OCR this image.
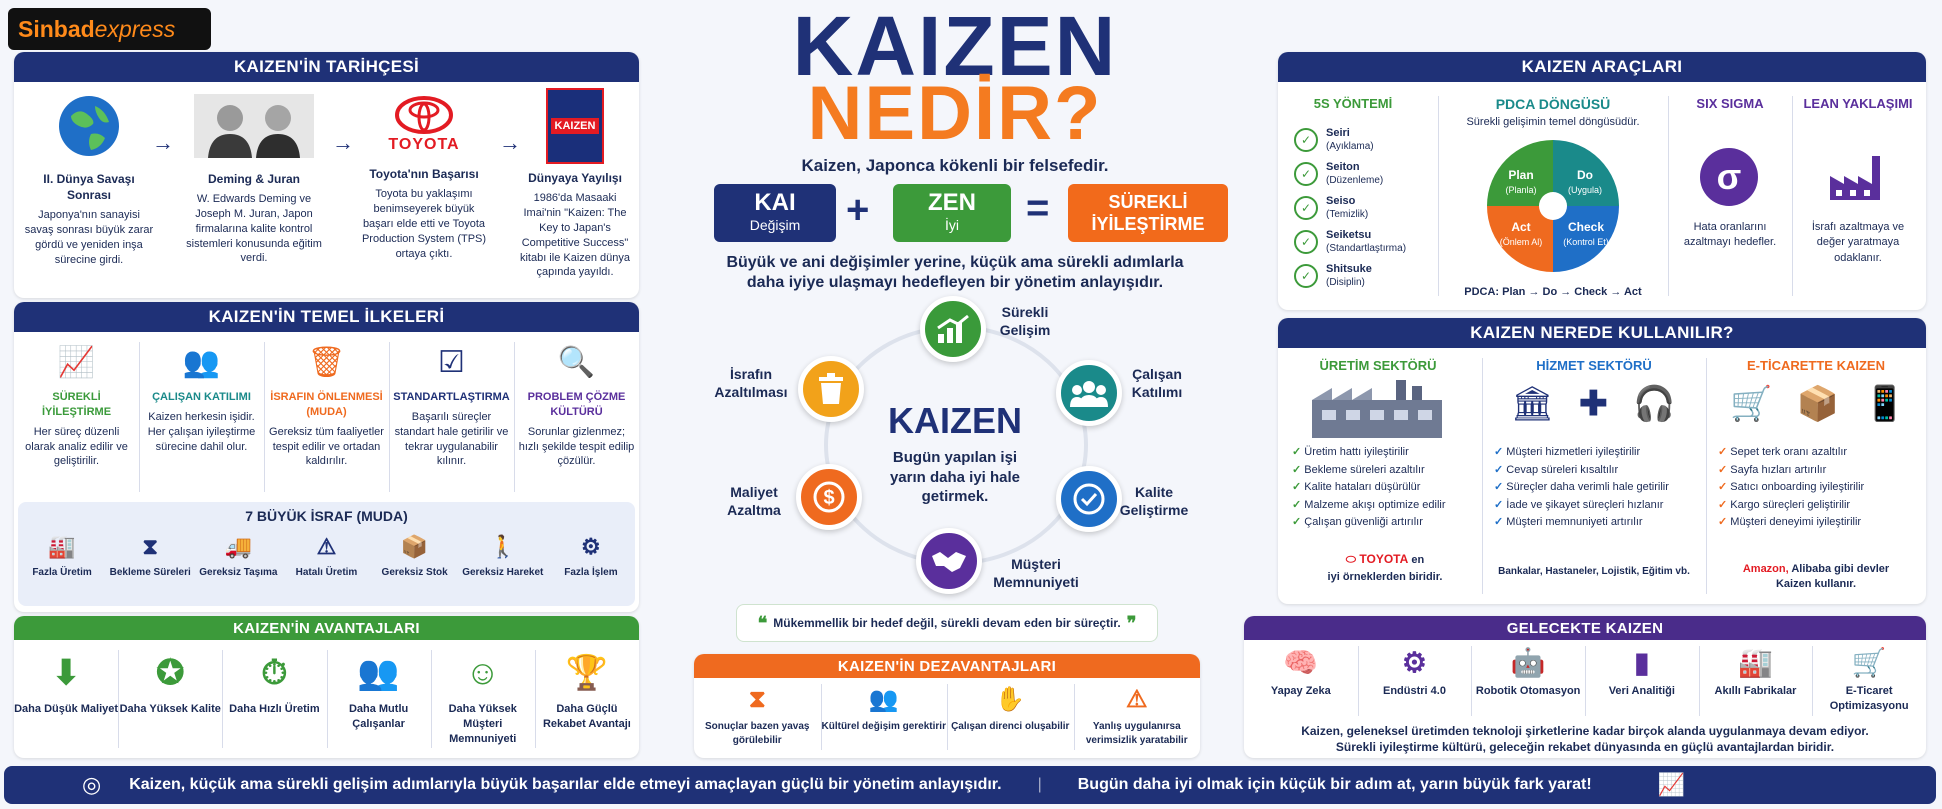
Sinbad express
KAIZEN'İN TARİHÇESİ
II. Dünya Savaşı Sonrası
Japonya'nın sanayisi savaş sonrası büyük zarar gördü ve yeniden inşa sürecine girdi.
→
Deming & Juran
W. Edwards Deming ve Joseph M. Juran, Japon firmalarına kalite kontrol sistemleri konusunda eğitim verdi.
→ TOYOTA
Toyota'nın Başarısı
Toyota bu yaklaşımı benimseyerek büyük başarı elde etti ve Toyota Production System (TPS) ortaya çıktı.
→
KAIZEN
Dünyaya Yayılışı
1986'da Masaaki Imai'nin "Kaizen: The Key to Japan's Competitive Success" kitabı ile Kaizen dünya çapında yayıldı.
KAIZEN'İN TEMEL İLKELERİ
📈
SÜREKLİ İYİLEŞTİRME
Her süreç düzenli olarak analiz edilir ve geliştirilir.
👥
ÇALIŞAN KATILIMI
Kaizen herkesin işidir. Her çalışan iyileştirme sürecine dahil olur.
🗑
İSRAFIN ÖNLENMESİ (MUDA)
Gereksiz tüm faaliyetler tespit edilir ve ortadan kaldırılır.
☑
STANDARTLAŞTIRMA
Başarılı süreçler standart hale getirilir ve tekrar uygulanabilir kılınır.
🔍
PROBLEM ÇÖZME KÜLTÜRÜ
Sorunlar gizlenmez; hızlı şekilde tespit edilip çözülür.
7 BÜYÜK İSRAF (MUDA)
🏭
Fazla Üretim
⧗
Bekleme Süreleri
🚚
Gereksiz Taşıma
⚠
Hatalı Üretim
📦
Gereksiz Stok
🚶
Gereksiz Hareket
⚙
Fazla İşlem
KAIZEN'İN AVANTAJLARI
⬇
Daha Düşük Maliyet
✪
Daha Yüksek Kalite
⏱
Daha Hızlı Üretim
👥
Daha Mutlu Çalışanlar
☺
Daha Yüksek Müşteri Memnuniyeti
🏆
Daha Güçlü Rekabet Avantajı
KAIZEN
NEDİR?
Kaizen, Japonca kökenli bir felsefedir.
KAI
Değişim	+	ZEN
İyi	=	SÜREKLİ İYİLEŞTİRME
Büyük ve ani değişimler yerine, küçük ama sürekli adımlarla
daha iyiye ulaşmayı hedefleyen bir yönetim anlayışıdır.
KAIZEN
Bugün yapılan işi yarın daha iyi hale getirmek.
Sürekli Gelişim
Çalışan Katılımı
Kalite Geliştirme
Müşteri Memnuniyeti
$
Maliyet Azaltma
İsrafın Azaltılması
❝ Mükemmellik bir hedef değil, sürekli devam eden bir süreçtir. ❞
KAIZEN'İN DEZAVANTAJLARI
⧗
Sonuçlar bazen yavaş görülebilir
👥
Kültürel değişim gerektirir
✋
Çalışan direnci oluşabilir
⚠
Yanlış uygulanırsa verimsizlik yaratabilir
KAIZEN ARAÇLARI
5S YÖNTEMİ
✓	Seiri
(Ayıklama)
✓	Seiton
(Düzenleme)
✓	Seiso
(Temizlik)
✓	Seiketsu
(Standartlaştırma)
✓	Shitsuke
(Disiplin)
PDCA DÖNGÜSÜ
Sürekli gelişimin temel döngüsüdür.
Plan
(Planla)
Do
(Uygula)
Act
(Önlem Al)
Check
(Kontrol Et)
PDCA: Plan → Do → Check → Act
SIX SIGMA
σ
Hata oranlarını azaltmayı hedefler.
LEAN YAKLAŞIMI
İsrafı azaltmaya ve değer yaratmaya odaklanır.
KAIZEN NEREDE KULLANILIR?
ÜRETİM SEKTÖRÜ
✓ Üretim hattı iyileştirilir
✓ Bekleme süreleri azaltılır
✓ Kalite hataları düşürülür
✓ Malzeme akışı optimize edilir
✓ Çalışan güvenliği artırılır
⬭ TOYOTA en
iyi örneklerden biridir.
HİZMET SEKTÖRÜ
🏛 ✚ 🎧
✓ Müşteri hizmetleri iyileştirilir
✓ Cevap süreleri kısaltılır
✓ Süreçler daha verimli hale getirilir
✓ İade ve şikayet süreçleri hızlanır
✓ Müşteri memnuniyeti artırılır
Bankalar, Hastaneler, Lojistik, Eğitim vb.
E-TİCARETTE KAIZEN
🛒 📦 📱
✓ Sepet terk oranı azaltılır
✓ Sayfa hızları artırılır
✓ Satıcı onboarding iyileştirilir
✓ Kargo süreçleri geliştirilir
✓ Müşteri deneyimi iyileştirilir
Amazon, Alibaba gibi devler
Kaizen kullanır.
GELECEKTE KAIZEN
🧠
Yapay Zeka
⚙
Endüstri 4.0
🤖
Robotik Otomasyon
▮
Veri Analitiği
🏭
Akıllı Fabrikalar
🛒
E-Ticaret Optimizasyonu
Kaizen, geleneksel üretimden teknoloji şirketlerine kadar birçok alanda uygulanmaya devam ediyor.
Sürekli iyileştirme kültürü, geleceğin rekabet dünyasında en güçlü avantajlardan biridir.
◎ Kaizen, küçük ama sürekli gelişim adımlarıyla büyük başarılar elde etmeyi amaçlayan güçlü bir yönetim anlayışıdır. | Bugün daha iyi olmak için küçük bir adım at, yarın büyük fark yarat!	📈
